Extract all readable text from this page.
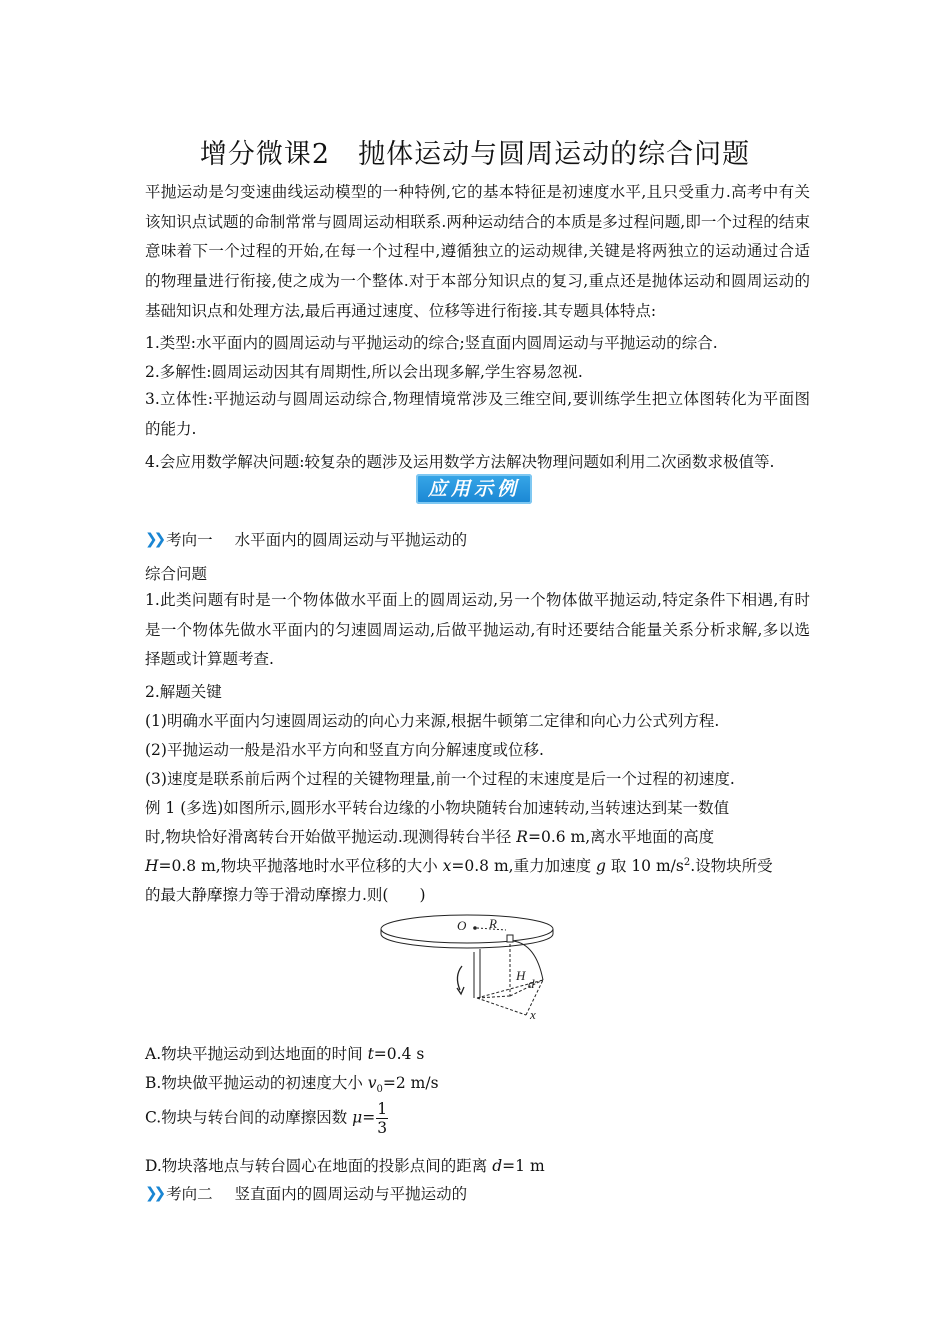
增分微课2　抛体运动与圆周运动的综合问题

平抛运动是匀变速曲线运动模型的一种特例,它的基本特征是初速度水平,且只受重力.高考中有关该知识点试题的命制常常与圆周运动相联系.两种运动结合的本质是多过程问题,即一个过程的结束意味着下一个过程的开始,在每一个过程中,遵循独立的运动规律,关键是将两独立的运动通过合适的物理量进行衔接,使之成为一个整体.对于本部分知识点的复习,重点还是抛体运动和圆周运动的基础知识点和处理方法,最后再通过速度、位移等进行衔接.其专题具体特点:

1.类型:水平面内的圆周运动与平抛运动的综合;竖直面内圆周运动与平抛运动的综合.
2.多解性:圆周运动因其有周期性,所以会出现多解,学生容易忽视.

3.立体性:平抛运动与圆周运动综合,物理情境常涉及三维空间,要训练学生把立体图转化为平面图的能力.

4.会应用数学解决问题:较复杂的题涉及运用数学方法解决物理问题如利用二次函数求极值等.
应用示例
❯❯ 考向一 水平面内的圆周运动与平抛运动的
综合问题

1.此类问题有时是一个物体做水平面上的圆周运动,另一个物体做平抛运动,特定条件下相遇,有时是一个物体先做水平面内的匀速圆周运动,后做平抛运动,有时还要结合能量关系分析求解,多以选择题或计算题考查.

2.解题关键
(1)明确水平面内匀速圆周运动的向心力来源,根据牛顿第二定律和向心力公式列方程.
(2)平抛运动一般是沿水平方向和竖直方向分解速度或位移.
(3)速度是联系前后两个过程的关键物理量,前一个过程的末速度是后一个过程的初速度.
例 1 (多选)如图所示,圆形水平转台边缘的小物块随转台加速转动,当转速达到某一数值
时,物块恰好滑离转台开始做平抛运动.现测得转台半径 R=0.6 m,离水平地面的高度
H=0.8 m,物块平抛落地时水平位移的大小 x=0.8 m,重力加速度 g 取 10 $m/s^2$.设物块所受
的最大静摩擦力等于滑动摩擦力.则(　　)
O R
H
d
x
A.物块平抛运动到达地面的时间 t=0.4 s
B.物块做平抛运动的初速度大小 $v_0=2$ m/s
C.物块与转台间的动摩擦因数 $\mu= \frac{1}{3}$
D.物块落地点与转台圆心在地面的投影点间的距离 d=1 m
❯❯ 考向二 竖直面内的圆周运动与平抛运动的
